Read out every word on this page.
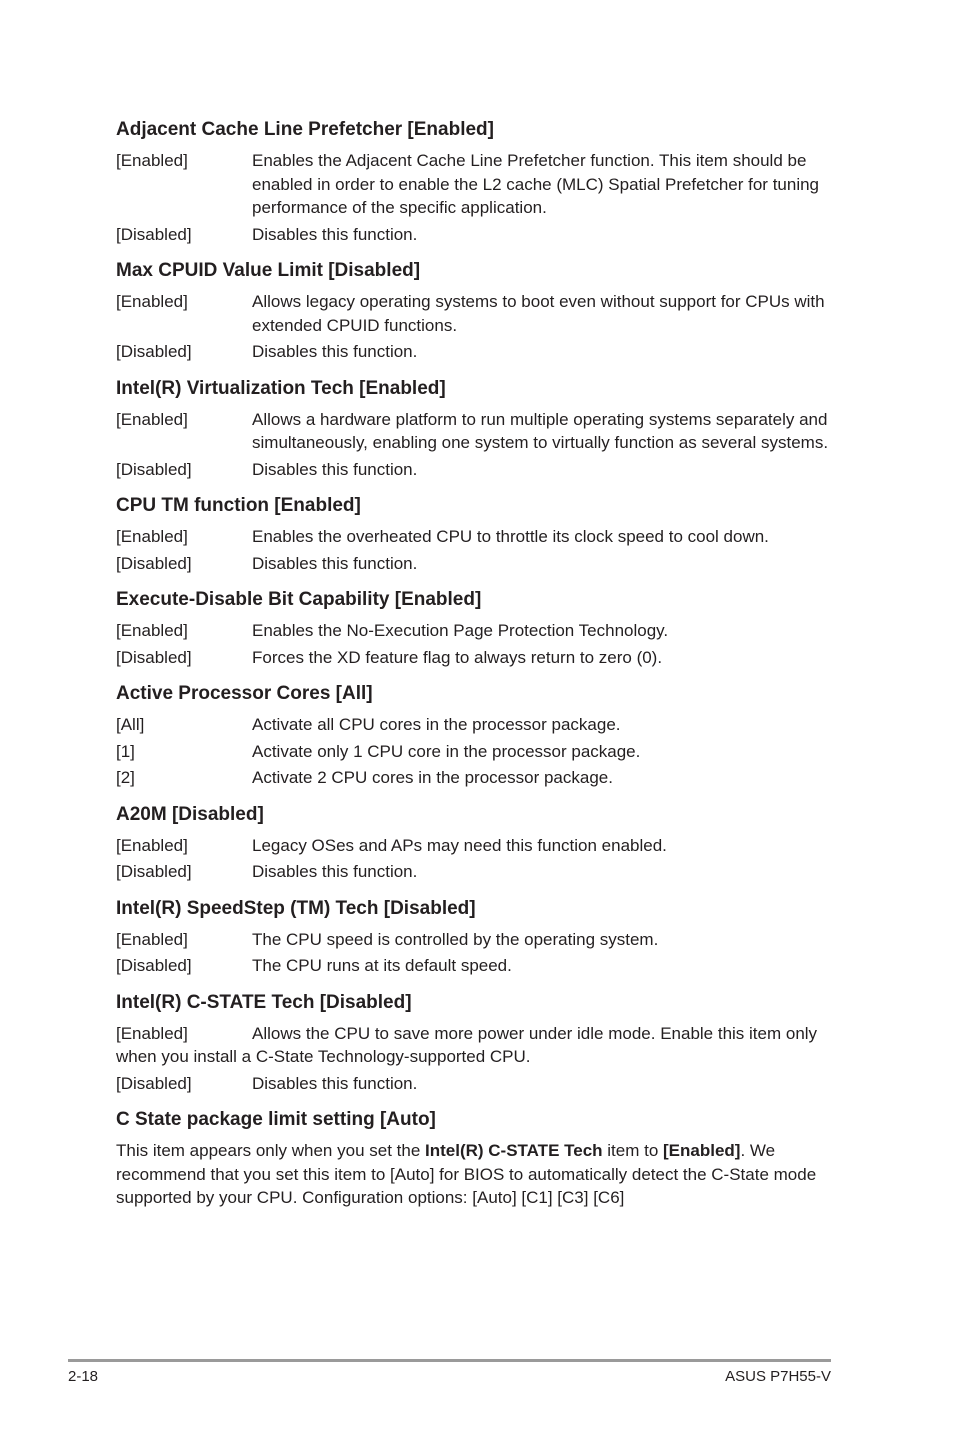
Adjacent Cache Line Prefetcher [Enabled]
[Enabled]	Enables the Adjacent Cache Line Prefetcher function. This item should be enabled in order to enable the L2 cache (MLC) Spatial Prefetcher for tuning performance of the specific application.
[Disabled]	Disables this function.
Max CPUID Value Limit [Disabled]
[Enabled]	Allows legacy operating systems to boot even without support for CPUs with extended CPUID functions.
[Disabled]	Disables this function.
Intel(R) Virtualization Tech [Enabled]
[Enabled]	Allows a hardware platform to run multiple operating systems separately and simultaneously, enabling one system to virtually function as several systems.
[Disabled]	Disables this function.
CPU TM function [Enabled]
[Enabled]	Enables the overheated CPU to throttle its clock speed to cool down.
[Disabled]	Disables this function.
Execute-Disable Bit Capability [Enabled]
[Enabled]	Enables the No-Execution Page Protection Technology.
[Disabled]	Forces the XD feature flag to always return to zero (0).
Active Processor Cores [All]
[All]	Activate all CPU cores in the processor package.
[1]	Activate only 1 CPU core in the processor package.
[2]	Activate 2 CPU cores in the processor package.
A20M [Disabled]
[Enabled]	Legacy OSes and APs may need this function enabled.
[Disabled]	Disables this function.
Intel(R) SpeedStep (TM) Tech [Disabled]
[Enabled]	The CPU speed is controlled by the operating system.
[Disabled]	The CPU runs at its default speed.
Intel(R) C-STATE Tech [Disabled]
[Enabled]	Allows the CPU to save more power under idle mode. Enable this item only
when you install a C-State Technology-supported CPU.
[Disabled]	Disables this function.
C State package limit setting [Auto]
This item appears only when you set the Intel(R) C-STATE Tech item to [Enabled]. We recommend that you set this item to [Auto] for BIOS to automatically detect the C-State mode supported by your CPU. Configuration options: [Auto] [C1] [C3] [C6]
2-18	ASUS P7H55-V
